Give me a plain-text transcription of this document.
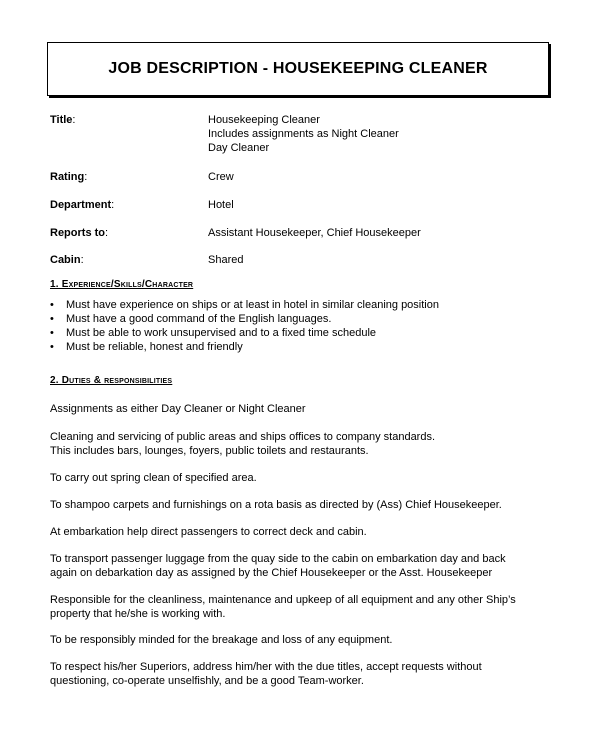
JOB DESCRIPTION - HOUSEKEEPING CLEANER
Title:	Housekeeping Cleaner
Includes assignments as Night Cleaner
Day Cleaner
Rating:	Crew
Department:	Hotel
Reports to:	Assistant Housekeeper, Chief Housekeeper
Cabin:	Shared
1. Experience/Skills/Character
•	Must have experience on ships or at least in hotel in similar cleaning position
•	Must have a good command of the English languages.
•	Must be able to work unsupervised and to a fixed time schedule
•	Must be reliable, honest and friendly
2. Duties & responsibilities
Assignments as either Day Cleaner or Night Cleaner
Cleaning and servicing of public areas and ships offices to company standards.
This includes bars, lounges, foyers, public toilets and restaurants.
To carry out spring clean of specified area.
To shampoo carpets and furnishings on a rota basis as directed by (Ass) Chief Housekeeper.
At embarkation help direct passengers to correct deck and cabin.
To transport passenger luggage from the quay side to the cabin on embarkation day and back
again on debarkation day as assigned by the Chief Housekeeper or the Asst. Housekeeper
Responsible for the cleanliness, maintenance and upkeep of all equipment and any other Ship’s
property that he/she is working with.
To be responsibly minded for the breakage and loss of any equipment.
To respect his/her Superiors, address him/her with the due titles, accept requests without
questioning, co-operate unselfishly, and be a good Team-worker.
